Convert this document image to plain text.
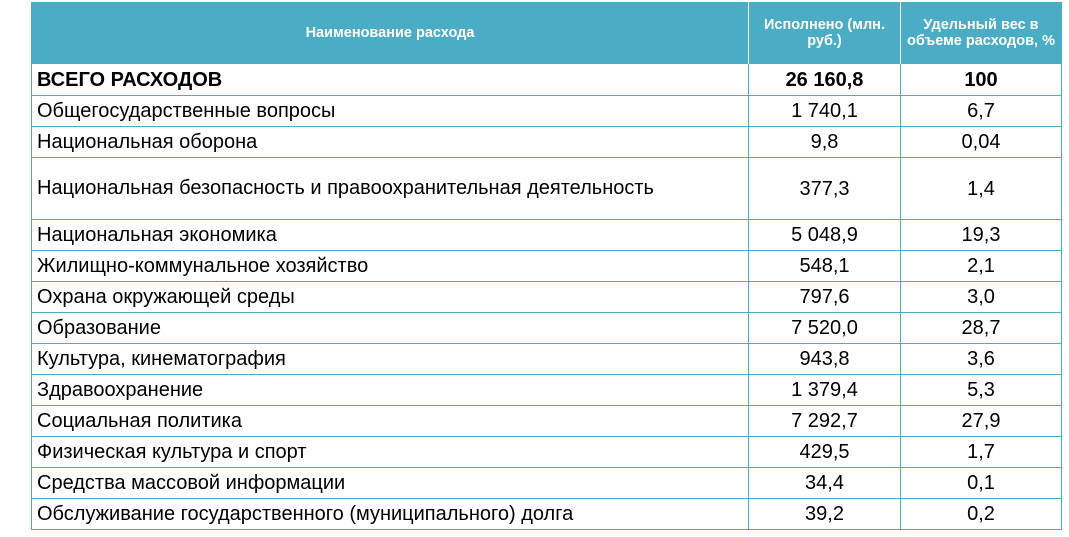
Наименование расхода	Исполнено (млн. руб.)	Удельный вес в объеме расходов, %
ВСЕГО РАСХОДОВ	26 160,8	100
Общегосударственные вопросы	1 740,1	6,7
Национальная оборона	9,8	0,04
Национальная безопасность и правоохранительная деятельность	377,3	1,4
Национальная экономика	5 048,9	19,3
Жилищно-коммунальное хозяйство	548,1	2,1
Охрана окружающей среды	797,6	3,0
Образование	7 520,0	28,7
Культура, кинематография	943,8	3,6
Здравоохранение	1 379,4	5,3
Социальная политика	7 292,7	27,9
Физическая культура и спорт	429,5	1,7
Средства массовой информации	34,4	0,1
Обслуживание государственного (муниципального) долга	39,2	0,2
